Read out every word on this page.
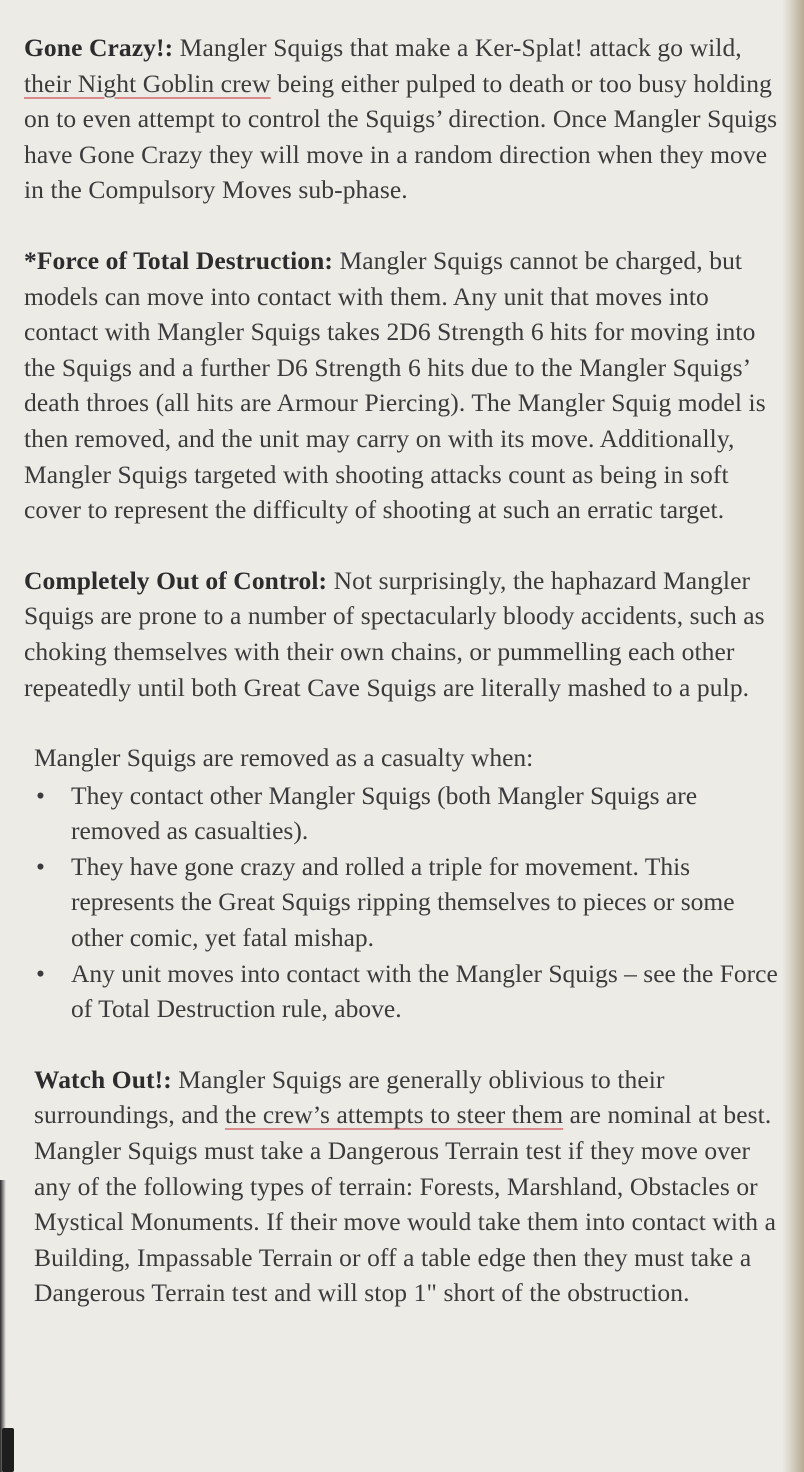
Gone Crazy!: Mangler Squigs that make a Ker-Splat! attack go wild, their Night Goblin crew being either pulped to death or too busy holding on to even attempt to control the Squigs’ direction. Once Mangler Squigs have Gone Crazy they will move in a random direction when they move in the Compulsory Moves sub-phase.

*Force of Total Destruction: Mangler Squigs cannot be charged, but models can move into contact with them. Any unit that moves into contact with Mangler Squigs takes 2D6 Strength 6 hits for moving into the Squigs and a further D6 Strength 6 hits due to the Mangler Squigs’ death throes (all hits are Armour Piercing). The Mangler Squig model is then removed, and the unit may carry on with its move. Additionally, Mangler Squigs targeted with shooting attacks count as being in soft cover to represent the difficulty of shooting at such an erratic target.

Completely Out of Control: Not surprisingly, the haphazard Mangler Squigs are prone to a number of spectacularly bloody accidents, such as choking themselves with their own chains, or pummelling each other repeatedly until both Great Cave Squigs are literally mashed to a pulp.

Mangler Squigs are removed as a casualty when:

• They contact other Mangler Squigs (both Mangler Squigs are removed as casualties).
• They have gone crazy and rolled a triple for movement. This represents the Great Squigs ripping themselves to pieces or some other comic, yet fatal mishap.
• Any unit moves into contact with the Mangler Squigs – see the Force of Total Destruction rule, above.

Watch Out!: Mangler Squigs are generally oblivious to their surroundings, and the crew’s attempts to steer them are nominal at best. Mangler Squigs must take a Dangerous Terrain test if they move over any of the following types of terrain: Forests, Marshland, Obstacles or Mystical Monuments. If their move would take them into contact with a Building, Impassable Terrain or off a table edge then they must take a Dangerous Terrain test and will stop 1" short of the obstruction.
